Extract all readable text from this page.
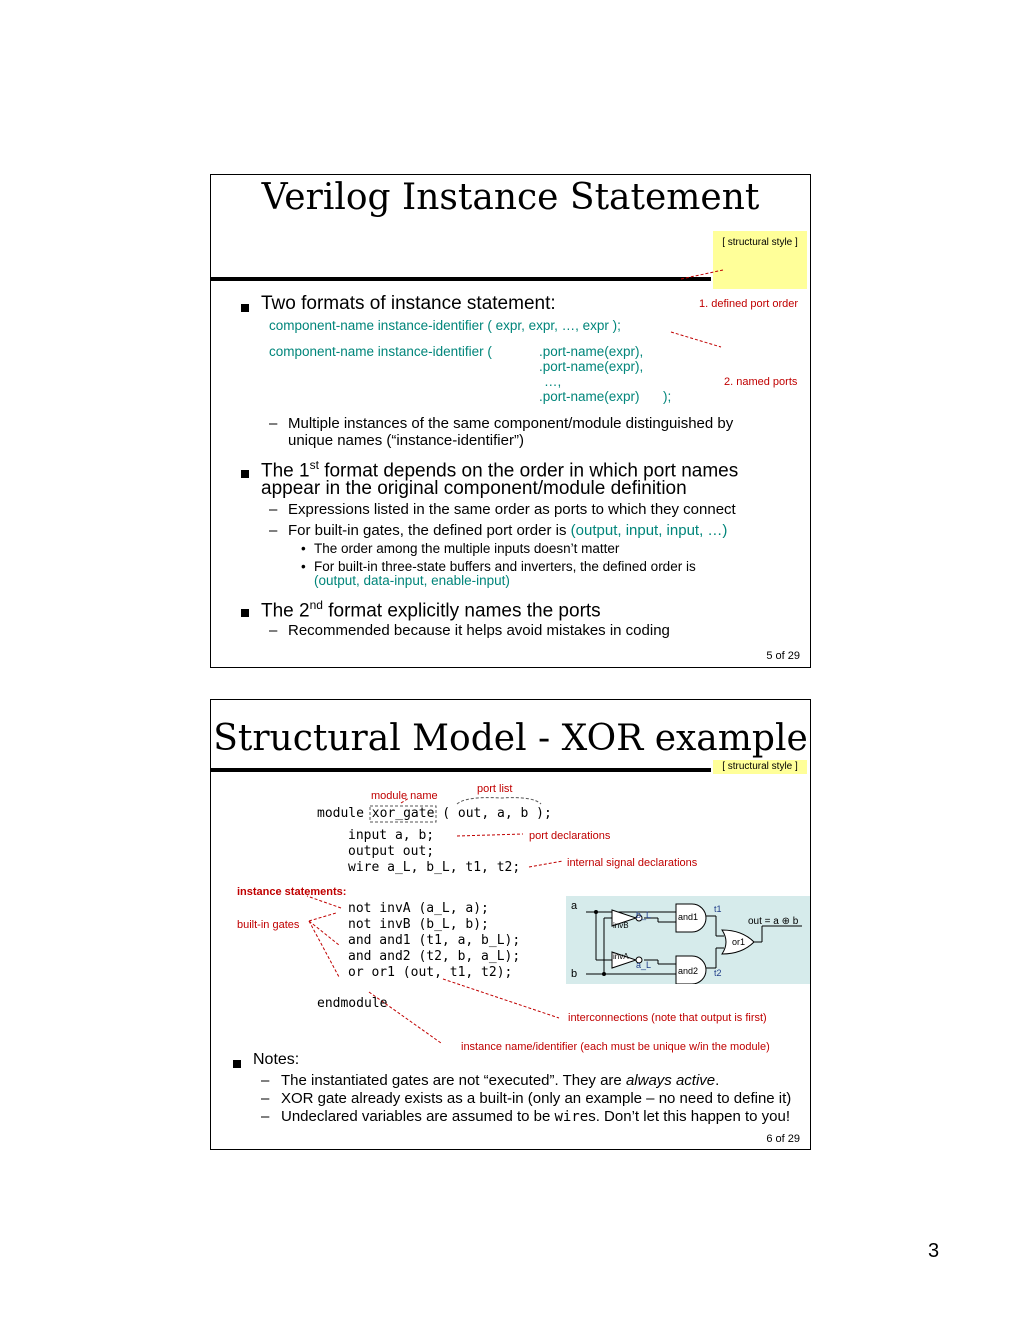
Verilog Instance Statement
[ structural style ]
Two formats of instance statement:
component-name instance-identifier ( expr, expr, …, expr );
1. defined port order
component-name instance-identifier (	.port-name(expr),
.port-name(expr),
…,
.port-name(expr) );
2. named ports
– Multiple instances of the same component/module distinguished by
unique names (“instance-identifier”)
The 1st format depends on the order in which port names
appear in the original component/module definition
– Expressions listed in the same order as ports to which they connect
– For built-in gates, the defined port order is (output, input, input, …)
• The order among the multiple inputs doesn’t matter
• For built-in three-state buffers and inverters, the defined order is
(output, data-input, enable-input)
The 2nd format explicitly names the ports
– Recommended because it helps avoid mistakes in coding
5 of 29
Structural Model - XOR example
[ structural style ]
module name
port list
module xor_gate ( out, a, b );
input a, b;
output out;
wire a_L, b_L, t1, t2;
port declarations
internal signal declarations
instance statements:
built-in gates
not invA (a_L, a);
not invB (b_L, b);
and and1 (t1, a, b_L);
and and2 (t2, b, a_L);
or or1 (out, t1, t2);
endmodule
a
b
b_L
a_L
invB
invA
and1
and2
or1
t1
t2
out = a ⊕ b
interconnections (note that output is first)
instance name/identifier (each must be unique w/in the module)
Notes:
– The instantiated gates are not “executed”. They are always active.
– XOR gate already exists as a built-in (only an example – no need to define it)
– Undeclared variables are assumed to be wires. Don’t let this happen to you!
6 of 29
3
